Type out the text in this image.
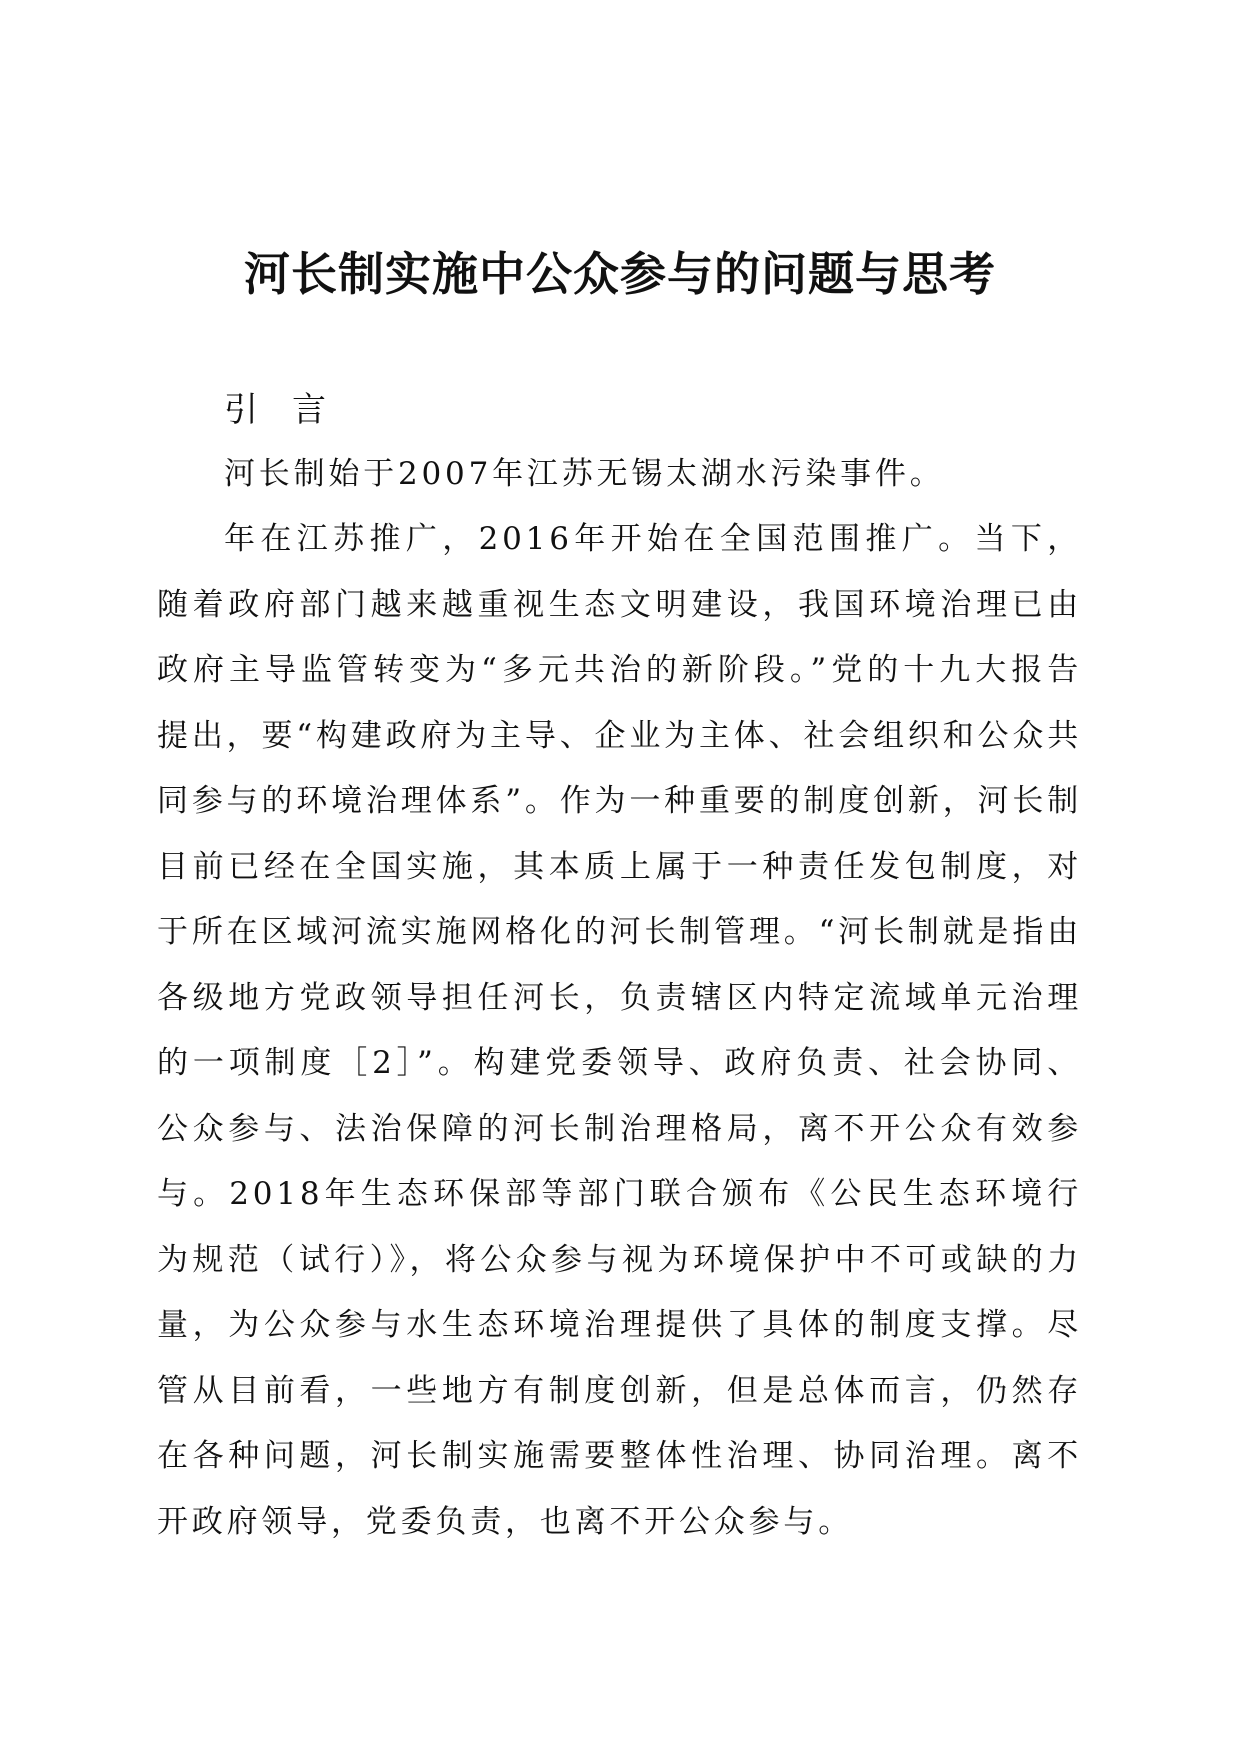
河长制实施中公众参与的问题与思考
引 言

河长制始于2007年江苏无锡太湖水污染事件。

年在江苏推广，2016年开始在全国范围推广。当下，随着政府部门越来越重视生态文明建设，我国环境治理已由政府主导监管转变为“多元共治的新阶段。”党的十九大报告提出，要“构建政府为主导、企业为主体、社会组织和公众共同参与的环境治理体系”。作为一种重要的制度创新，河长制目前已经在全国实施，其本质上属于一种责任发包制度，对于所在区域河流实施网格化的河长制管理。“河长制就是指由各级地方党政领导担任河长，负责辖区内特定流域单元治理的一项制度［2］”。构建党委领导、政府负责、社会协同、公众参与、法治保障的河长制治理格局，离不开公众有效参与。2018年生态环保部等部门联合颁布《公民生态环境行为规范（试行）》，将公众参与视为环境保护中不可或缺的力量，为公众参与水生态环境治理提供了具体的制度支撑。尽管从目前看，一些地方有制度创新，但是总体而言，仍然存在各种问题，河长制实施需要整体性治理、协同治理。离不开政府领导，党委负责，也离不开公众参与。
